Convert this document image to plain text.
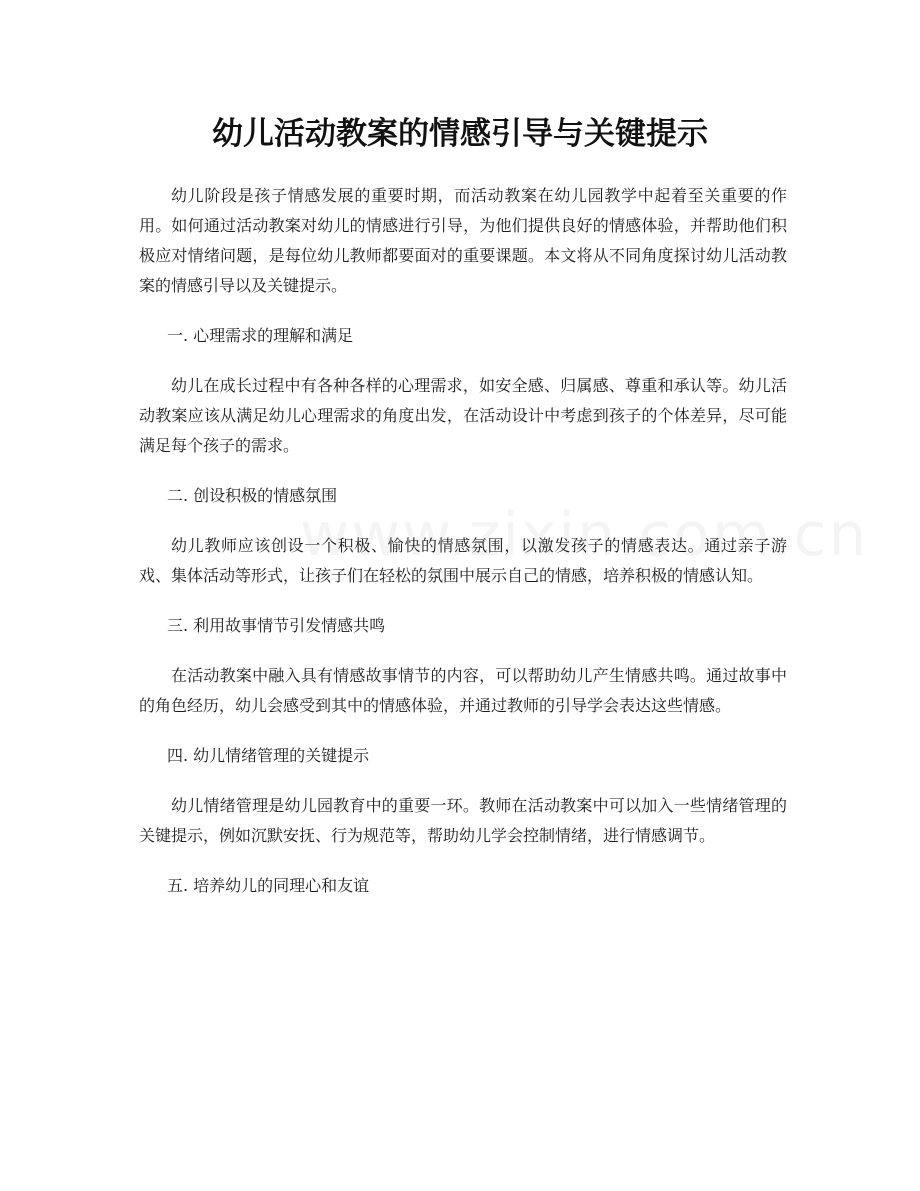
幼儿活动教案的情感引导与关键提示

幼儿阶段是孩子情感发展的重要时期，而活动教案在幼儿园教学中起着至关重要的作用。如何通过活动教案对幼儿的情感进行引导，为他们提供良好的情感体验，并帮助他们积极应对情绪问题，是每位幼儿教师都要面对的重要课题。本文将从不同角度探讨幼儿活动教案的情感引导以及关键提示。

一. 心理需求的理解和满足

幼儿在成长过程中有各种各样的心理需求，如安全感、归属感、尊重和承认等。幼儿活动教案应该从满足幼儿心理需求的角度出发，在活动设计中考虑到孩子的个体差异，尽可能满足每个孩子的需求。

二. 创设积极的情感氛围

幼儿教师应该创设一个积极、愉快的情感氛围，以激发孩子的情感表达。通过亲子游戏、集体活动等形式，让孩子们在轻松的氛围中展示自己的情感，培养积极的情感认知。

三. 利用故事情节引发情感共鸣

在活动教案中融入具有情感故事情节的内容，可以帮助幼儿产生情感共鸣。通过故事中的角色经历，幼儿会感受到其中的情感体验，并通过教师的引导学会表达这些情感。

四. 幼儿情绪管理的关键提示

幼儿情绪管理是幼儿园教育中的重要一环。教师在活动教案中可以加入一些情绪管理的关键提示，例如沉默安抚、行为规范等，帮助幼儿学会控制情绪，进行情感调节。

五. 培养幼儿的同理心和友谊
